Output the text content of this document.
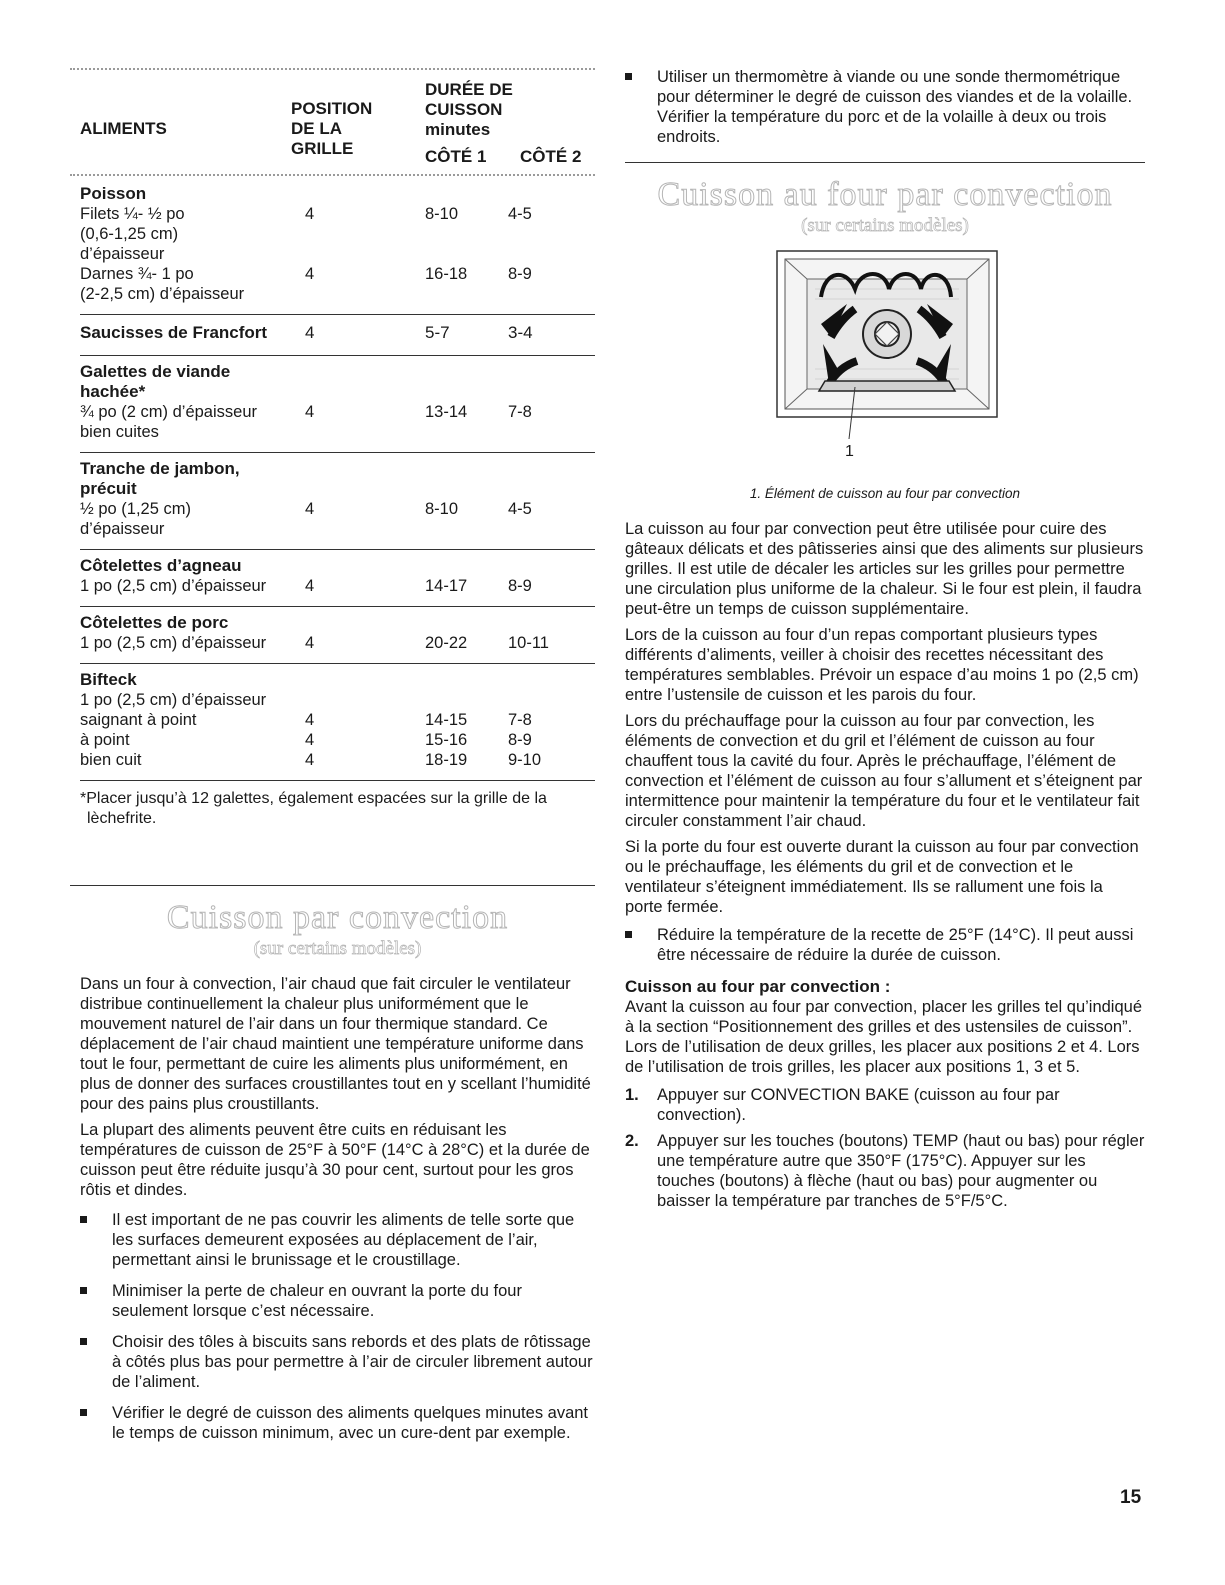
ALIMENTS
POSITION
DE LA
GRILLE
DURÉE DE
CUISSON
minutes
CÔTÉ 1 CÔTÉ 2
Poisson
Filets ¼- ½ po	4	8-10	4-5
(0,6-1,25 cm)
d’épaisseur
Darnes ¾- 1 po	4	16-18 8-9
(2-2,5 cm) d’épaisseur
Saucisses de Francfort 4	5-7	3-4
Galettes de viande
hachée*
¾ po (2 cm) d’épaisseur	4	13-14 7-8
bien cuites
Tranche de jambon,
précuit
½ po (1,25 cm)	4	8-10	4-5
d’épaisseur
Côtelettes d’agneau
1 po (2,5 cm) d’épaisseur 4	14-17 8-9
Côtelettes de porc
1 po (2,5 cm) d’épaisseur 4	20-22 10-11
Bifteck
1 po (2,5 cm) d’épaisseur
saignant à point	4	14-15 7-8
à point	4	15-16 8-9
bien cuit	4	18-19 9-10
*Placer jusqu’à 12 galettes, également espacées sur la grille de la lèchefrite.
Cuisson par convection
(sur certains modèles)

Dans un four à convection, l’air chaud que fait circuler le ventilateur distribue continuellement la chaleur plus uniformément que le mouvement naturel de l’air dans un four thermique standard. Ce déplacement de l’air chaud maintient une température uniforme dans tout le four, permettant de cuire les aliments plus uniformément, en plus de donner des surfaces croustillantes tout en y scellant l’humidité pour des pains plus croustillants.

La plupart des aliments peuvent être cuits en réduisant les températures de cuisson de 25°F à 50°F (14°C à 28°C) et la durée de cuisson peut être réduite jusqu’à 30 pour cent, surtout pour les gros rôtis et dindes.

Il est important de ne pas couvrir les aliments de telle sorte que les surfaces demeurent exposées au déplacement de l’air, permettant ainsi le brunissage et le croustillage.
Minimiser la perte de chaleur en ouvrant la porte du four seulement lorsque c’est nécessaire.
Choisir des tôles à biscuits sans rebords et des plats de rôtissage à côtés plus bas pour permettre à l’air de circuler librement autour de l’aliment.
Vérifier le degré de cuisson des aliments quelques minutes avant le temps de cuisson minimum, avec un cure-dent par exemple.
Utiliser un thermomètre à viande ou une sonde thermométrique pour déterminer le degré de cuisson des viandes et de la volaille. Vérifier la température du porc et de la volaille à deux ou trois endroits.
Cuisson au four par convection
(sur certains modèles)
1
1. Élément de cuisson au four par convection

La cuisson au four par convection peut être utilisée pour cuire des gâteaux délicats et des pâtisseries ainsi que des aliments sur plusieurs grilles. Il est utile de décaler les articles sur les grilles pour permettre une circulation plus uniforme de la chaleur. Si le four est plein, il faudra peut-être un temps de cuisson supplémentaire.

Lors de la cuisson au four d’un repas comportant plusieurs types différents d’aliments, veiller à choisir des recettes nécessitant des températures semblables. Prévoir un espace d’au moins 1 po (2,5 cm) entre l’ustensile de cuisson et les parois du four.

Lors du préchauffage pour la cuisson au four par convection, les éléments de convection et du gril et l’élément de cuisson au four chauffent tous la cavité du four. Après le préchauffage, l’élément de convection et l’élément de cuisson au four s’allument et s’éteignent par intermittence pour maintenir la température du four et le ventilateur fait circuler constamment l’air chaud.

Si la porte du four est ouverte durant la cuisson au four par convection ou le préchauffage, les éléments du gril et de convection et le ventilateur s’éteignent immédiatement. Ils se rallument une fois la porte fermée.

Réduire la température de la recette de 25°F (14°C). Il peut aussi être nécessaire de réduire la durée de cuisson.
Cuisson au four par convection :

Avant la cuisson au four par convection, placer les grilles tel qu’indiqué à la section “Positionnement des grilles et des ustensiles de cuisson”. Lors de l’utilisation de deux grilles, les placer aux positions 2 et 4. Lors de l’utilisation de trois grilles, les placer aux positions 1, 3 et 5.

1. Appuyer sur CONVECTION BAKE (cuisson au four par convection).
2. Appuyer sur les touches (boutons) TEMP (haut ou bas) pour régler une température autre que 350°F (175°C). Appuyer sur les touches (boutons) à flèche (haut ou bas) pour augmenter ou baisser la température par tranches de 5°F/5°C.
15
